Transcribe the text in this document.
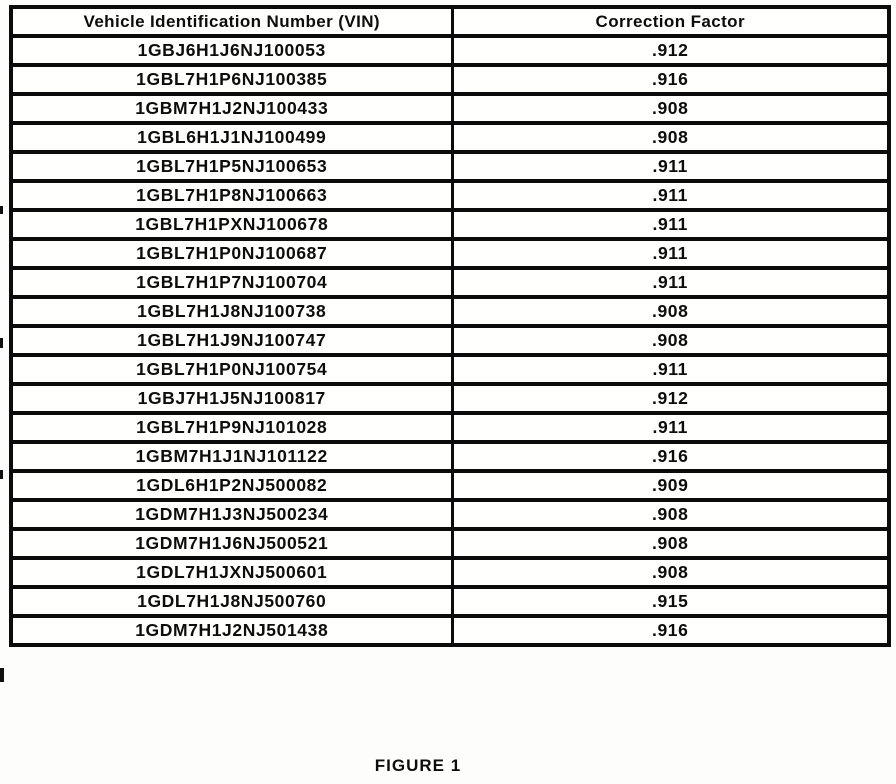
Vehicle Identification Number (VIN)	Correction Factor
1GBJ6H1J6NJ100053	.912
1GBL7H1P6NJ100385	.916
1GBM7H1J2NJ100433	.908
1GBL6H1J1NJ100499	.908
1GBL7H1P5NJ100653	.911
1GBL7H1P8NJ100663	.911
1GBL7H1PXNJ100678	.911
1GBL7H1P0NJ100687	.911
1GBL7H1P7NJ100704	.911
1GBL7H1J8NJ100738	.908
1GBL7H1J9NJ100747	.908
1GBL7H1P0NJ100754	.911
1GBJ7H1J5NJ100817	.912
1GBL7H1P9NJ101028	.911
1GBM7H1J1NJ101122	.916
1GDL6H1P2NJ500082	.909
1GDM7H1J3NJ500234	.908
1GDM7H1J6NJ500521	.908
1GDL7H1JXNJ500601	.908
1GDL7H1J8NJ500760	.915
1GDM7H1J2NJ501438	.916
FIGURE 1
